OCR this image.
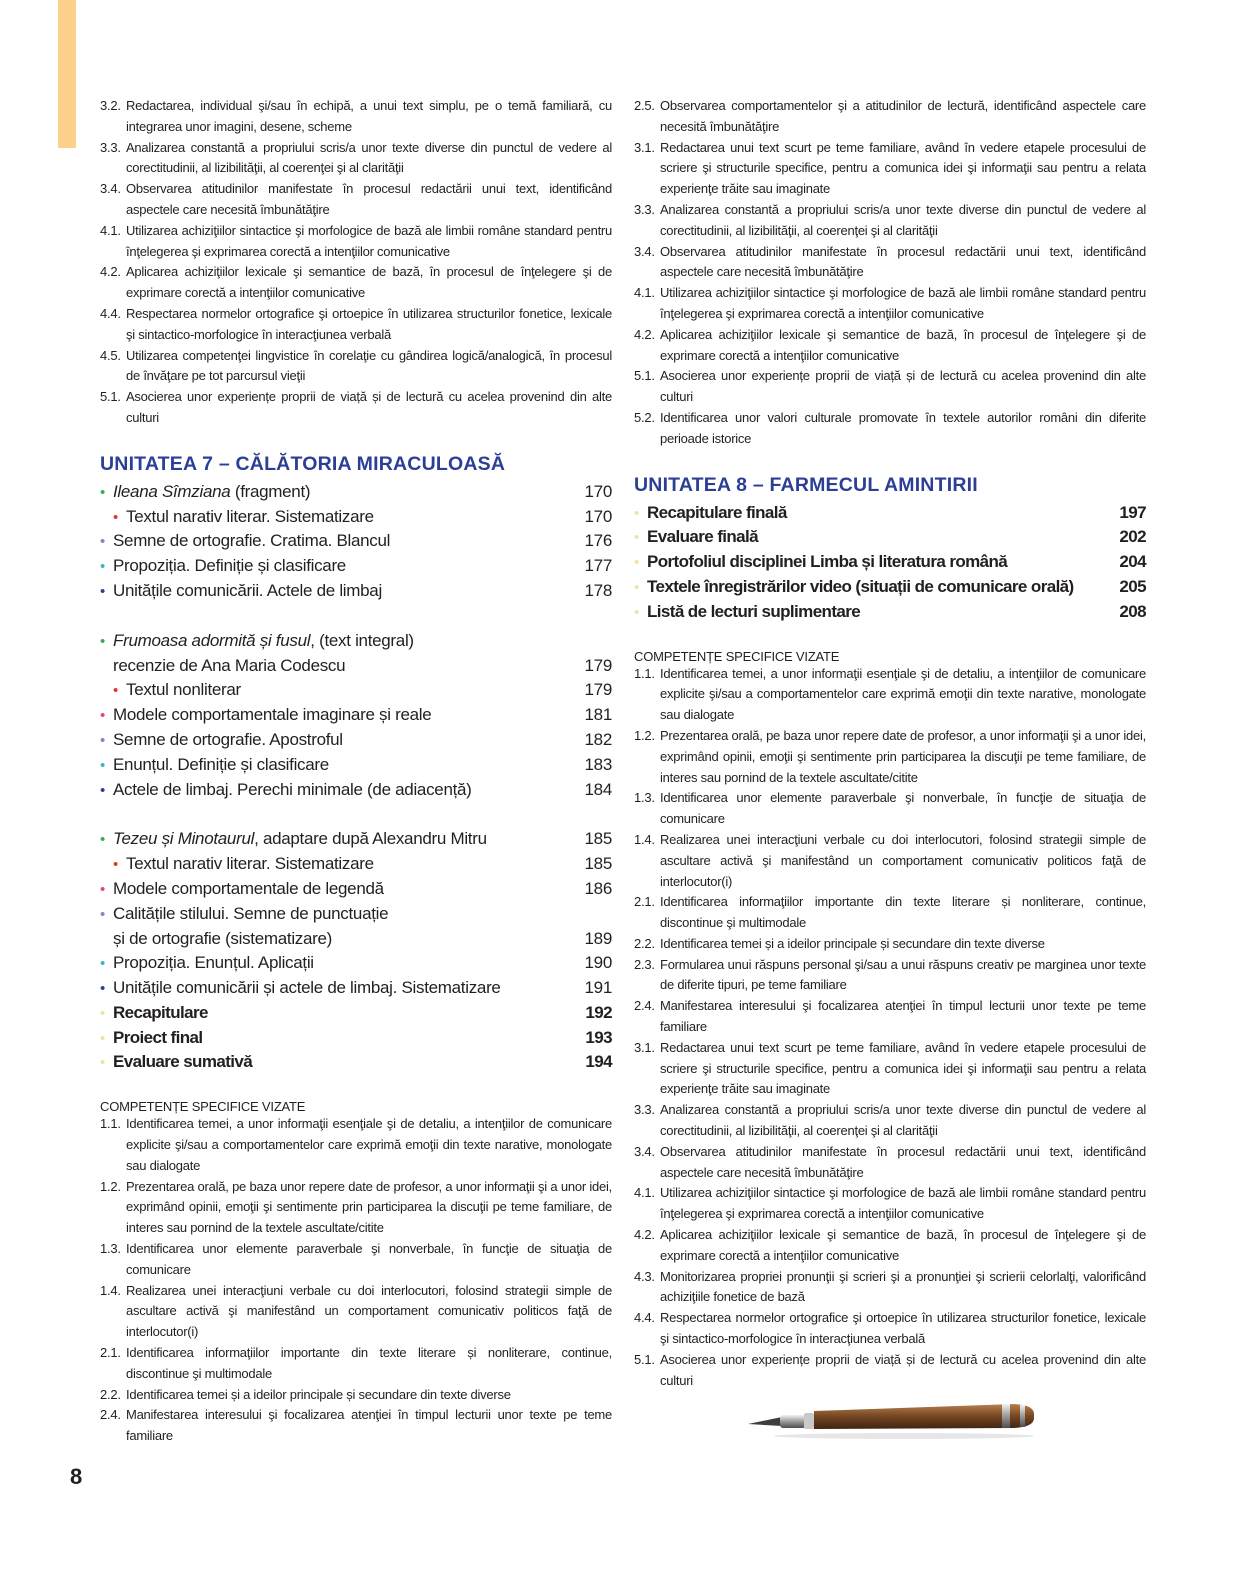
3.2. Redactarea, individual şi/sau în echipă, a unui text simplu, pe o temă familiară, cu integrarea unor imagini, desene, scheme
3.3. Analizarea constantă a propriului scris/a unor texte diverse din punctul de vedere al corectitudinii, al lizibilităţii, al coerenţei şi al clarităţii
3.4. Observarea atitudinilor manifestate în procesul redactării unui text, identificând aspectele care necesită îmbunătăţire
4.1. Utilizarea achiziţiilor sintactice şi morfologice de bază ale limbii române standard pentru înţelegerea şi exprimarea corectă a intenţiilor comunicative
4.2. Aplicarea achiziţiilor lexicale şi semantice de bază, în procesul de înţelegere şi de exprimare corectă a intenţiilor comunicative
4.4. Respectarea normelor ortografice şi ortoepice în utilizarea structurilor fonetice, lexicale şi sintactico-morfologice în interacţiunea verbală
4.5. Utilizarea competenţei lingvistice în corelaţie cu gândirea logică/analogică, în procesul de învăţare pe tot parcursul vieţii
5.1. Asocierea unor experiențe proprii de viață și de lectură cu acelea provenind din alte culturi
UNITATEA 7 – CĂLĂTORIA MIRACULOASĂ
• Ileana Sîmziana (fragment)	170
• Textul narativ literar. Sistematizare	170
• Semne de ortografie. Cratima. Blancul	176
• Propoziția. Definiție și clasificare	177
• Unitățile comunicării. Actele de limbaj	178
• Frumoasa adormită și fusul, (text integral)
recenzie de Ana Maria Codescu	179
• Textul nonliterar	179
• Modele comportamentale imaginare și reale	181
• Semne de ortografie. Apostroful	182
• Enunțul. Definiție și clasificare	183
• Actele de limbaj. Perechi minimale (de adiacență)	184
• Tezeu și Minotaurul, adaptare după Alexandru Mitru	185
• Textul narativ literar. Sistematizare	185
• Modele comportamentale de legendă	186
• Calitățile stilului. Semne de punctuație
și de ortografie (sistematizare)	189
• Propoziția. Enunțul. Aplicații	190
• Unitățile comunicării și actele de limbaj. Sistematizare	191
• Recapitulare	192
• Proiect final	193
• Evaluare sumativă	194

COMPETENȚE SPECIFICE VIZATE

1.1. Identificarea temei, a unor informaţii esenţiale şi de detaliu, a intenţiilor de comunicare explicite şi/sau a comportamentelor care exprimă emoţii din texte narative, monologate sau dialogate
1.2. Prezentarea orală, pe baza unor repere date de profesor, a unor informaţii şi a unor idei, exprimând opinii, emoţii şi sentimente prin participarea la discuţii pe teme familiare, de interes sau pornind de la textele ascultate/citite
1.3. Identificarea unor elemente paraverbale şi nonverbale, în funcţie de situaţia de comunicare
1.4. Realizarea unei interacţiuni verbale cu doi interlocutori, folosind strategii simple de ascultare activă şi manifestând un comportament comunicativ politicos faţă de interlocutor(i)
2.1. Identificarea informaţiilor importante din texte literare și nonliterare, continue, discontinue şi multimodale
2.2. Identificarea temei și a ideilor principale și secundare din texte diverse
2.4. Manifestarea interesului şi focalizarea atenţiei în timpul lecturii unor texte pe teme familiare
2.5. Observarea comportamentelor şi a atitudinilor de lectură, identificând aspectele care necesită îmbunătăţire
3.1. Redactarea unui text scurt pe teme familiare, având în vedere etapele procesului de scriere şi structurile specifice, pentru a comunica idei şi informaţii sau pentru a relata experienţe trăite sau imaginate
3.3. Analizarea constantă a propriului scris/a unor texte diverse din punctul de vedere al corectitudinii, al lizibilităţii, al coerenţei şi al clarităţii
3.4. Observarea atitudinilor manifestate în procesul redactării unui text, identificând aspectele care necesită îmbunătăţire
4.1. Utilizarea achiziţiilor sintactice şi morfologice de bază ale limbii române standard pentru înţelegerea şi exprimarea corectă a intenţiilor comunicative
4.2. Aplicarea achiziţiilor lexicale şi semantice de bază, în procesul de înţelegere şi de exprimare corectă a intenţiilor comunicative
5.1. Asocierea unor experiențe proprii de viață și de lectură cu acelea provenind din alte culturi
5.2. Identificarea unor valori culturale promovate în textele autorilor români din diferite perioade istorice
UNITATEA 8 – FARMECUL AMINTIRII
• Recapitulare finală	197
• Evaluare finală	202
• Portofoliul disciplinei Limba și literatura română	204
• Textele înregistrărilor video (situații de comunicare orală)	205
• Listă de lecturi suplimentare	208

COMPETENȚE SPECIFICE VIZATE

1.1. Identificarea temei, a unor informaţii esenţiale şi de detaliu, a intenţiilor de comunicare explicite şi/sau a comportamentelor care exprimă emoţii din texte narative, monologate sau dialogate
1.2. Prezentarea orală, pe baza unor repere date de profesor, a unor informaţii şi a unor idei, exprimând opinii, emoţii şi sentimente prin participarea la discuţii pe teme familiare, de interes sau pornind de la textele ascultate/citite
1.3. Identificarea unor elemente paraverbale şi nonverbale, în funcţie de situaţia de comunicare
1.4. Realizarea unei interacţiuni verbale cu doi interlocutori, folosind strategii simple de ascultare activă şi manifestând un comportament comunicativ politicos faţă de interlocutor(i)
2.1. Identificarea informaţiilor importante din texte literare și nonliterare, continue, discontinue şi multimodale
2.2. Identificarea temei și a ideilor principale și secundare din texte diverse
2.3. Formularea unui răspuns personal şi/sau a unui răspuns creativ pe marginea unor texte de diferite tipuri, pe teme familiare
2.4. Manifestarea interesului şi focalizarea atenţiei în timpul lecturii unor texte pe teme familiare
3.1. Redactarea unui text scurt pe teme familiare, având în vedere etapele procesului de scriere şi structurile specifice, pentru a comunica idei şi informaţii sau pentru a relata experienţe trăite sau imaginate
3.3. Analizarea constantă a propriului scris/a unor texte diverse din punctul de vedere al corectitudinii, al lizibilităţii, al coerenţei şi al clarităţii
3.4. Observarea atitudinilor manifestate în procesul redactării unui text, identificând aspectele care necesită îmbunătăţire
4.1. Utilizarea achiziţiilor sintactice şi morfologice de bază ale limbii române standard pentru înţelegerea şi exprimarea corectă a intenţiilor comunicative
4.2. Aplicarea achiziţiilor lexicale şi semantice de bază, în procesul de înţelegere şi de exprimare corectă a intenţiilor comunicative
4.3. Monitorizarea propriei pronunţii şi scrieri şi a pronunţiei şi scrierii celorlalţi, valorificând achiziţiile fonetice de bază
4.4. Respectarea normelor ortografice şi ortoepice în utilizarea structurilor fonetice, lexicale şi sintactico-morfologice în interacţiunea verbală
5.1. Asocierea unor experiențe proprii de viață și de lectură cu acelea provenind din alte culturi
8
